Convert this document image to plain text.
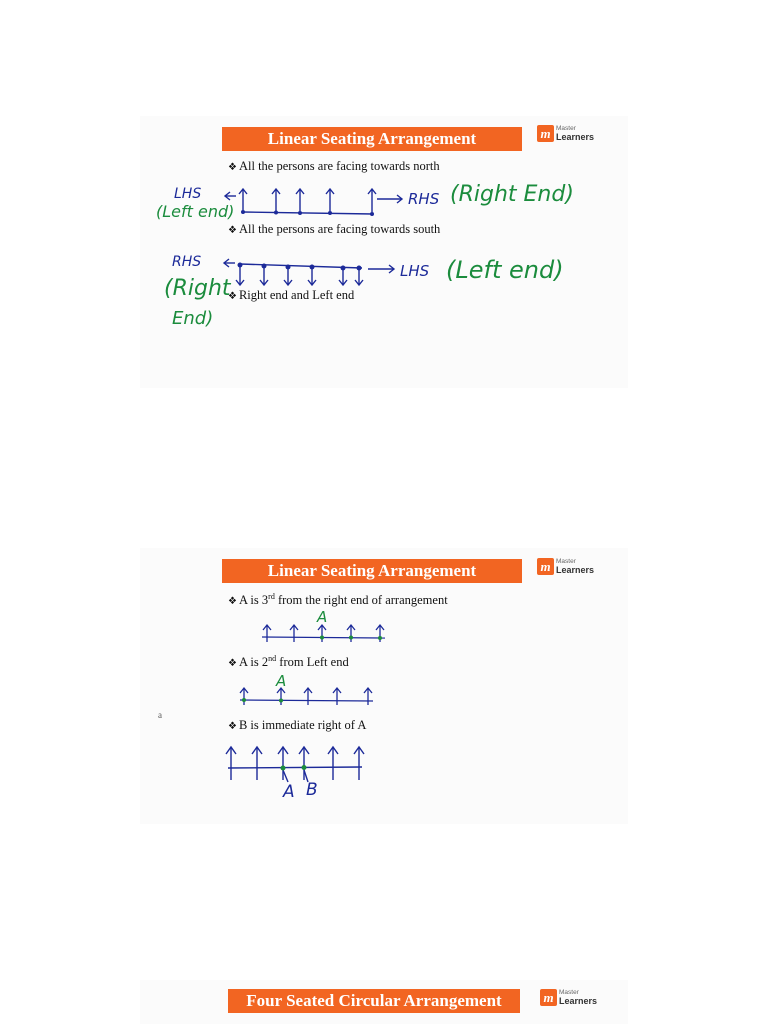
Linear Seating Arrangement	m Master
Learners
❖ All the persons are facing towards north
❖ All the persons are facing towards south
❖ Right end and Left end
LHS
(Left end)
RHS (Right End)
RHS
(Right
End)
LHS (Left end)
Linear Seating Arrangement	m Master
Learners
❖ A is 3rd from the right end of arrangement
❖ A is 2nd from Left end
❖ B is immediate right of A
a
A
A
A B
Four Seated Circular Arrangement	m Master
Learners
